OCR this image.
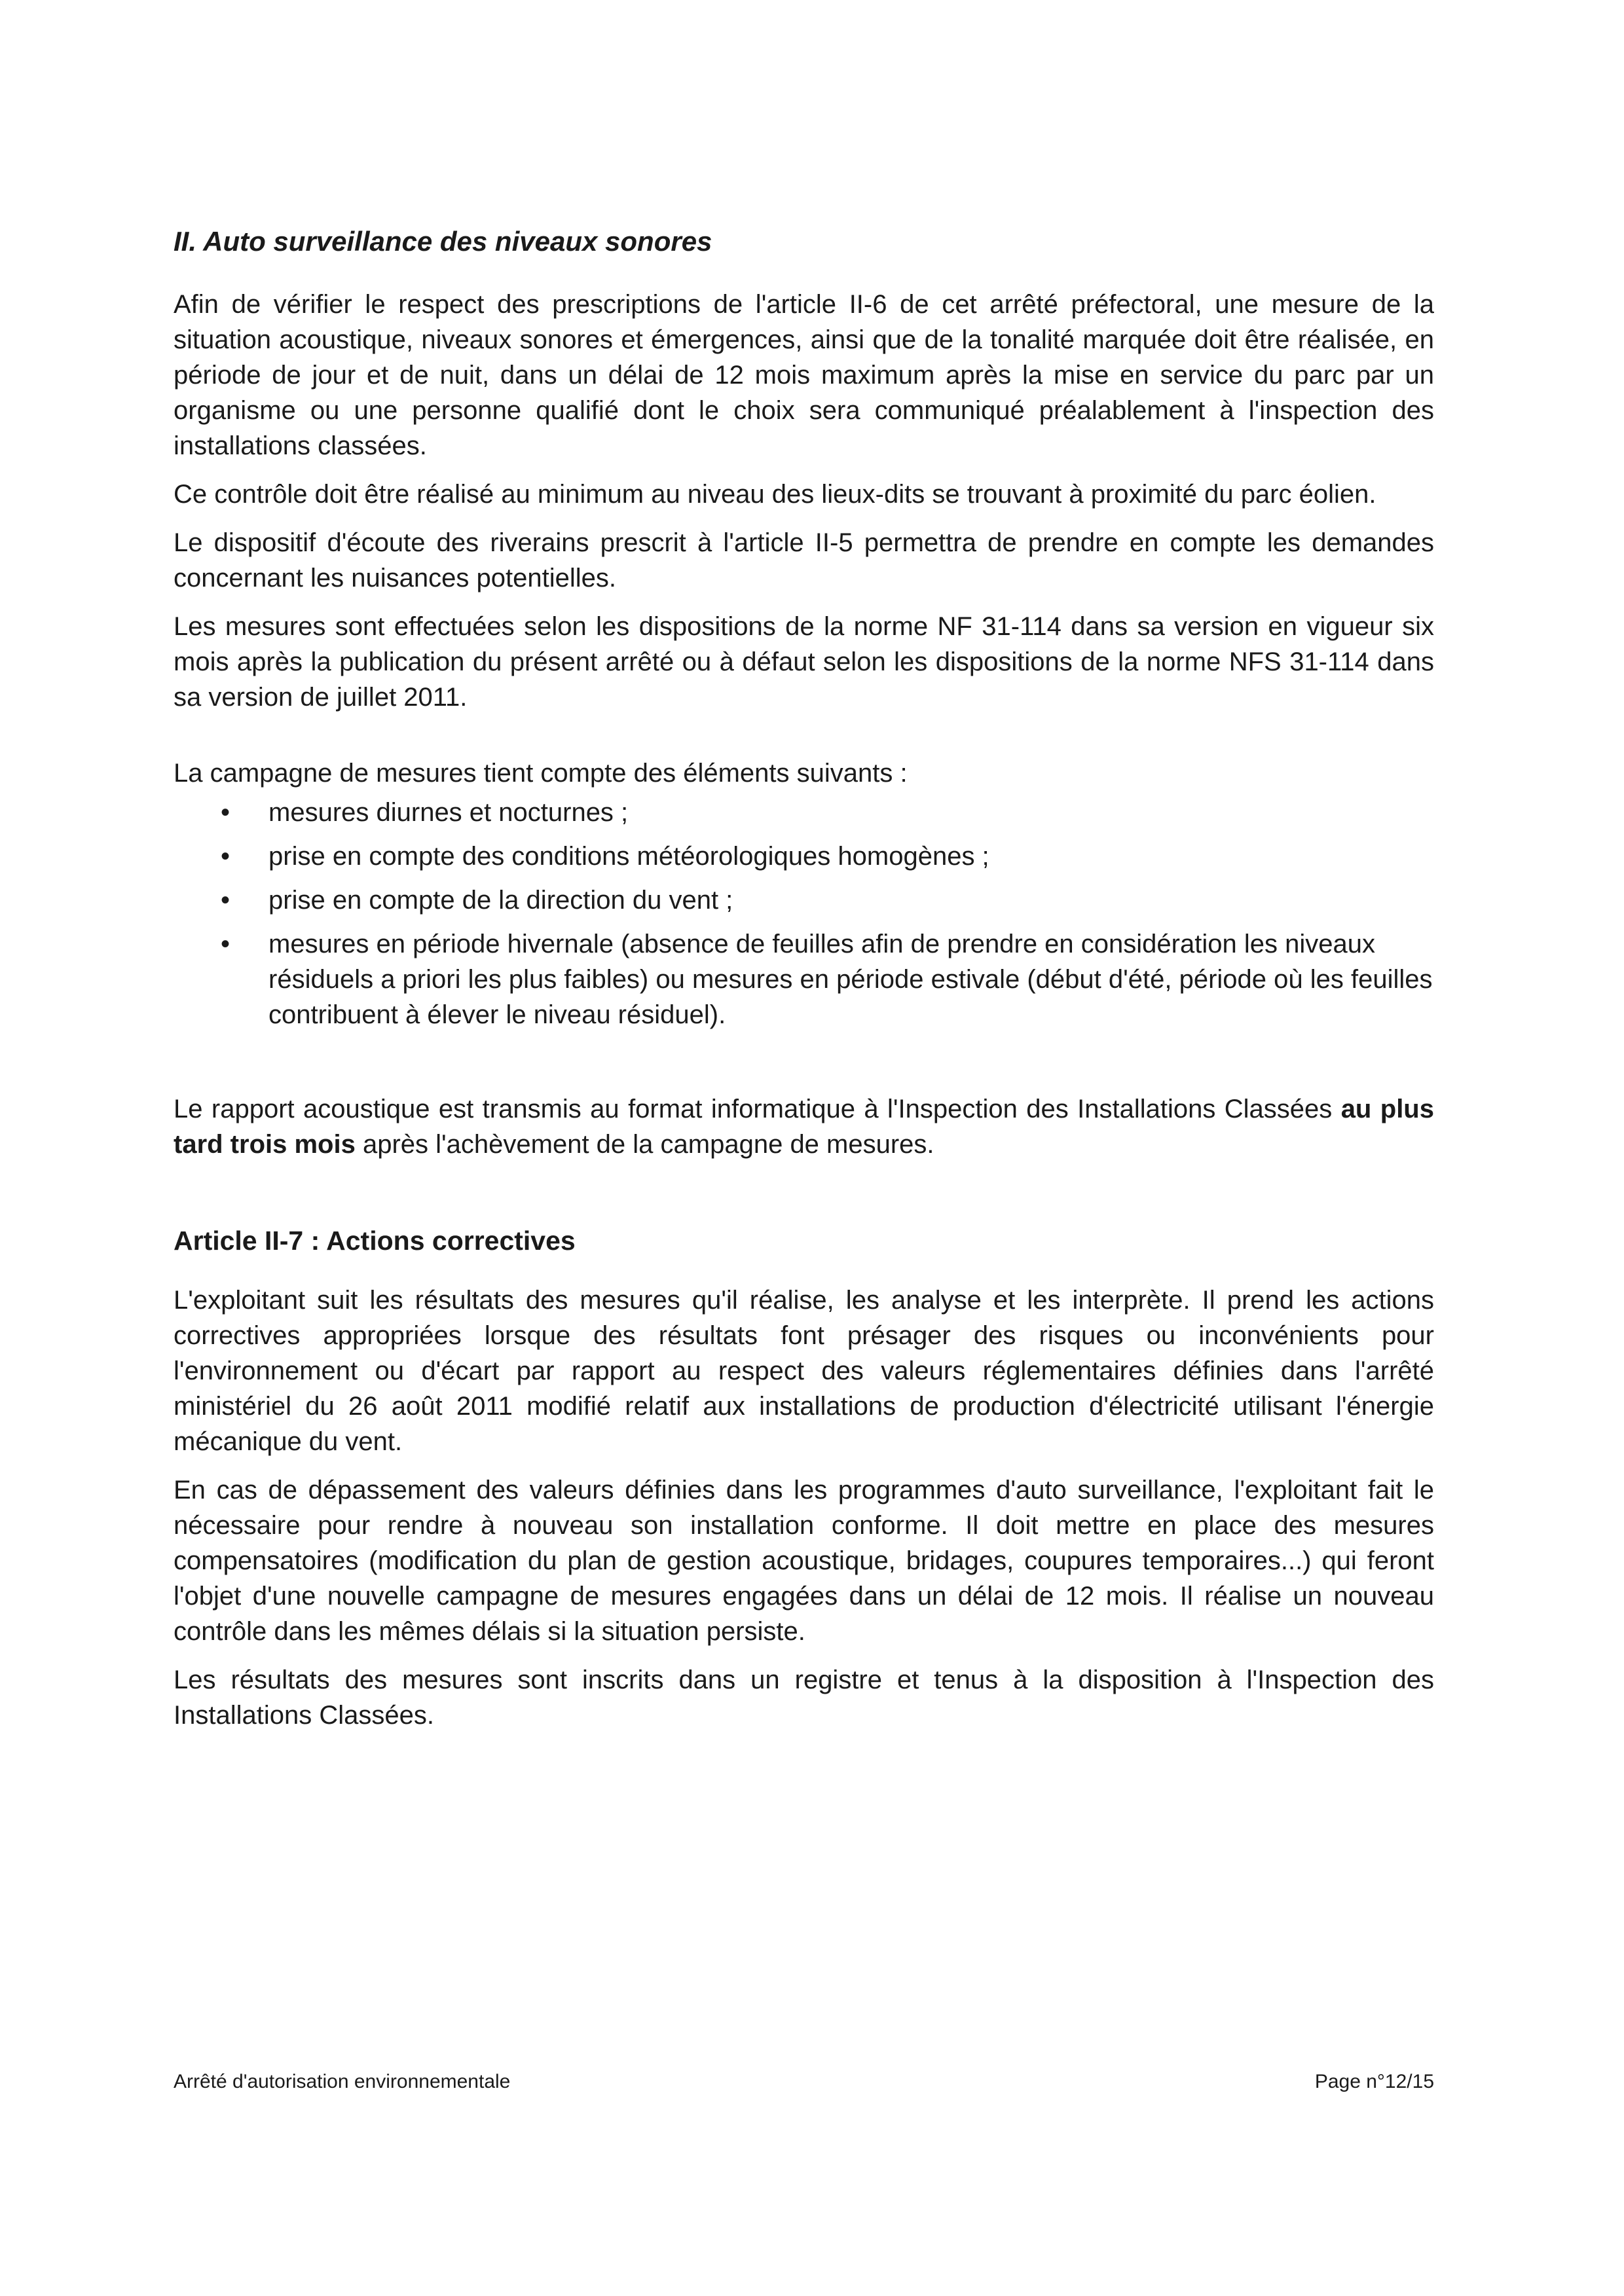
II. Auto surveillance des niveaux sonores

Afin de vérifier le respect des prescriptions de l'article II-6 de cet arrêté préfectoral, une mesure de la situation acoustique, niveaux sonores et émergences, ainsi que de la tonalité marquée doit être réalisée, en période de jour et de nuit, dans un délai de 12 mois maximum après la mise en service du parc par un organisme ou une personne qualifié dont le choix sera communiqué préalablement à l'inspection des installations classées.

Ce contrôle doit être réalisé au minimum au niveau des lieux-dits se trouvant à proximité du parc éolien.

Le dispositif d'écoute des riverains prescrit à l'article II-5 permettra de prendre en compte les demandes concernant les nuisances potentielles.

Les mesures sont effectuées selon les dispositions de la norme NF 31-114 dans sa version en vigueur six mois après la publication du présent arrêté ou à défaut selon les dispositions de la norme NFS 31-114 dans sa version de juillet 2011.

La campagne de mesures tient compte des éléments suivants :

• mesures diurnes et nocturnes ;
• prise en compte des conditions météorologiques homogènes ;
• prise en compte de la direction du vent ;
• mesures en période hivernale (absence de feuilles afin de prendre en considération les niveaux résiduels a priori les plus faibles) ou mesures en période estivale (début d'été, période où les feuilles contribuent à élever le niveau résiduel).

Le rapport acoustique est transmis au format informatique à l'Inspection des Installations Classées au plus tard trois mois après l'achèvement de la campagne de mesures.

Article II-7 : Actions correctives

L'exploitant suit les résultats des mesures qu'il réalise, les analyse et les interprète. Il prend les actions correctives appropriées lorsque des résultats font présager des risques ou inconvénients pour l'environnement ou d'écart par rapport au respect des valeurs réglementaires définies dans l'arrêté ministériel du 26 août 2011 modifié relatif aux installations de production d'électricité utilisant l'énergie mécanique du vent.

En cas de dépassement des valeurs définies dans les programmes d'auto surveillance, l'exploitant fait le nécessaire pour rendre à nouveau son installation conforme. Il doit mettre en place des mesures compensatoires (modification du plan de gestion acoustique, bridages, coupures temporaires...) qui feront l'objet d'une nouvelle campagne de mesures engagées dans un délai de 12 mois. Il réalise un nouveau contrôle dans les mêmes délais si la situation persiste.

Les résultats des mesures sont inscrits dans un registre et tenus à la disposition à l'Inspection des Installations Classées.

Arrêté d'autorisation environnementale	Page n°12/15
